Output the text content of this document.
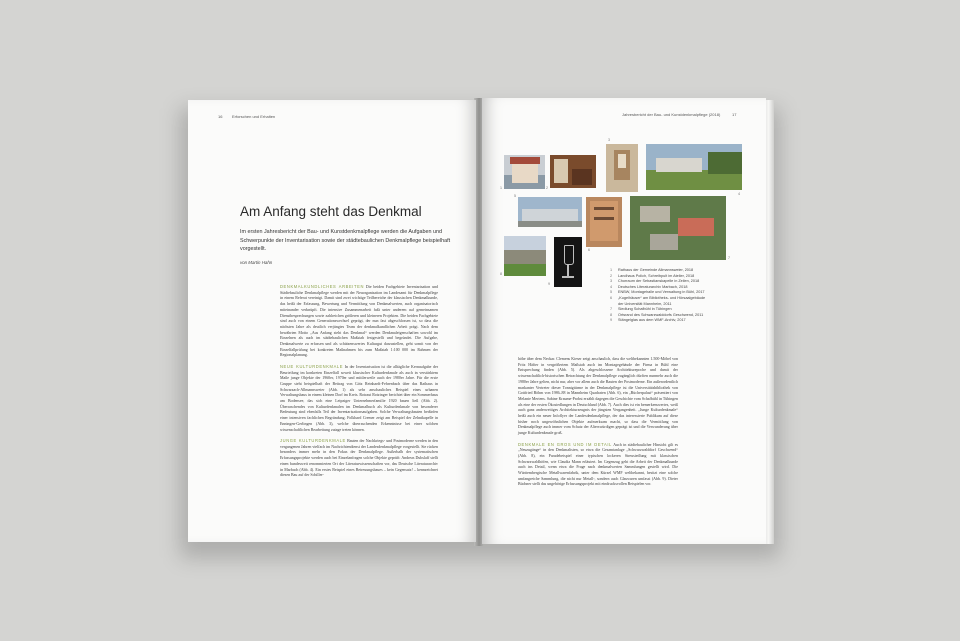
16 Erforschen und Erhalten
Am Anfang steht das Denkmal
Im ersten Jahresbericht der Bau- und Kunstdenkmalpflege werden die Aufgaben und Schwerpunkte der Inventarisation sowie der städtebaulichen Denkmalpflege beispielhaft vorgestellt.
von Martin Hahn
DENKMALKUNDLICHES ARBEITEN Die beiden Fachgebiete Inventarisation und Städtebauliche Denkmalpflege werden mit der Neuorganisation im Landesamt für Denkmalpflege in einem Referat vereinigt. Damit sind zwei wichtige Teilbereiche der klassischen Denkmalkunde, das heißt der Erfassung, Bewertung und Vermittlung von Denkmalwerten, auch organisatorisch miteinander verknüpft. Die intensive Zusammenarbeit fußt unter anderem auf gemeinsamen Dienstbesprechungen sowie zahlreichen größeren und kleineren Projekten. Die beiden Fachgebiete sind auch von einem Generationswechsel geprägt, der nun fast abgeschlossen ist, so dass die nächsten Jahre als deutlich verjüngtes Team der denkmalkundlichen Arbeit prägt. Nach dem bewährten Motto „Aus Anfang steht das Denkmal“ werden Denkmaleigenschaften sowohl im Einzelnen als auch im städtebaulichen Maßstab festgestellt und begründet. Die Aufgabe, Denkmalwerte zu erfassen und als schützenswertes Kulturgut darzustellen, geht somit von der Einzelfallprüfung bei konkreten Maßnahmen bis zum Maßstab 1:100 000 im Rahmen der Regionalplanung.

NEUE KULTURDENKMALE In der Inventarisation ist die alltägliche Kernaufgabe der Beurteilung im konkreten Einzelfall soweit klassischer Kulturdenkmale als auch in verstärktem Maße junge Objekte der 1960er, 1970er und mittlerweile auch der 1980er Jahre. Für die erste Gruppe steht beispielhaft der Beitrag von Götz Reinhardt-Fehrenbach über das Rathaus in Schwarzach-Allmannsweier (Abb. 1) als sehr anschauliches Beispiel eines urbanen Verwaltungsbaus in einem kleinen Dorf im Kreis. Rotraut Rotzinger berichtet über ein Sommerhaus am Bodensee, das sich eine Leipziger Unternehmerfamilie 1920 bauen ließ (Abb. 2). Überraschendes von Kulturdenkmalen im Denkmalbuch als Kulturdenkmale von besonderer Bedeutung sind ebenfalls Teil der Inventarisationsaufgaben. Solche Verwaltungsbauten bedürfen einer intensiven fachlichen Begründung. Folkhard Cremer zeigt am Beispiel der Zehntkapelle in Enningen-Gerlingen (Abb. 3), welche überraschenden Erkenntnisse bei einer solchen wissenschaftlichen Bearbeitung zutage treten können.

JUNGE KULTURDENKMALE Bauten der Nachkriegs- und Postmoderne werden in den vergangenen Jahren vielfach im Nachrichtendienst der Landesdenkmalpflege vorgestellt. Sie rücken besonders immer mehr in den Fokus der Denkmalpflege. Außerhalb der systematischen Erfassungsprojekte werden auch bei Einzelanfragen solche Objekte geprüft: Andreas Dubslaff stellt einen bundesweit renommierten Ort der Literaturwissenschaften vor, das Deutsche Literaturarchiv in Marbach (Abb. 4). Ein erstes Beispiel eines Betreuungsbaues – kein Gegensatz! – kennzeichnet diesen Bau auf der Schiller-
Jahresbericht der Bau- und Kunstdenkmalpflege (2018)	17
1	2
3
4
5
6
7
8
9
1 Rathaus der Gemeinde Allmannsweier, 2018
2 Landhaus Polich, Schreibpult im Atelier, 2018
3 Chorraum der Sebastianskapelle in Zeilen, 2018
4 Deutsches Literaturarchiv Marbach, 2018
5 ENBW, Montagehalle und Verwaltung in Bühl, 2017
6 „Kugelhäuser“ am Bibliotheks- und Hörsaalgebäude
der Universität Mannheim, 2011
7 Siedlung Schafbühl in Tübingen
8 Ortsrand des Schwarzwalddorfs Geschwend, 2011
9 Stängelglas aus dem WMF-Archiv, 2017
höhe über dem Neckar. Clemens Kieser zeigt anschaulich, dass die weltbekannten 1.500-Möbel von Fritz Häfter in vergrößertem Maßstab auch im Montagegebäude der Firma in Bühl eine Entsprechung finden (Abb. 5). Als abgeschlossene Architekturepoche und damit der wissenschaftlich-historischen Betrachtung der Denkmalpflege zugänglich dürften nunmehr auch die 1980er Jahre gelten, nicht nur, aber vor allem auch die Bauten der Postmoderne. Ein außerordentlich markanter Vertreter dieser Tonnigtürme in der Denkmalpflege ist die Universitätsbibliothek von Gottfried Böhm von 1986–88 in Mannheim Quadraten (Abb. 6), ein „Bücherpalast“ präsentiert von Melanie Mertens. Sabine Kraume-Probst erzählt dagegen die Geschichte vom Schafbühl in Tübingen als eine der ersten Ökosiedlungen in Deutschland (Abb. 7). Auch dies ist ein bemerkenswertes, weiß auch ganz anderweitiges Architekturzeugnis der jüngsten Vergangenheit. „Junge Kulturdenkmale“ heißt auch ein neuer Infoflyer der Landesdenkmalpflege, der das interessierte Publikum auf diese bisher noch ungewöhnlichen Objekte aufmerksam macht, so dass die Vermittlung von Denkmalpflege auch immer vom Schutz der Alterswürdigen geprägt ist und die Verwunderung über junge Kulturdenkmale groß.

DENKMALE EN GROS UND IM DETAIL Auch in städtebaulicher Hinsicht gilt es „Neuzugänge“ in den Denkmalisten, so etwa die Gesamtanlage „Schwarzwalddorf Geschwend“ (Abb. 8), ein Paradebeispiel einer typischen lockeren Streusiedlung mit klassischen Schwarzwaldhöfen, wie Claudia Mann erläutert. Im Gegenzug geht die Arbeit der Denkmalkunde auch ins Detail, wenn etwa die Frage nach denkmalwerten Sammlungen gestellt wird. Die Württembergische Metallwarenfabrik, unter dem Kürzel WMF weltbekannt, besitzt eine solche umfangreiche Sammlung, die nicht nur Metall-, sondern auch Glaswaren umfasst (Abb. 9). Dieter Büchner stellt das ungehörige Erfassungsprojekt mit eindrucksvollen Beispielen vor.
